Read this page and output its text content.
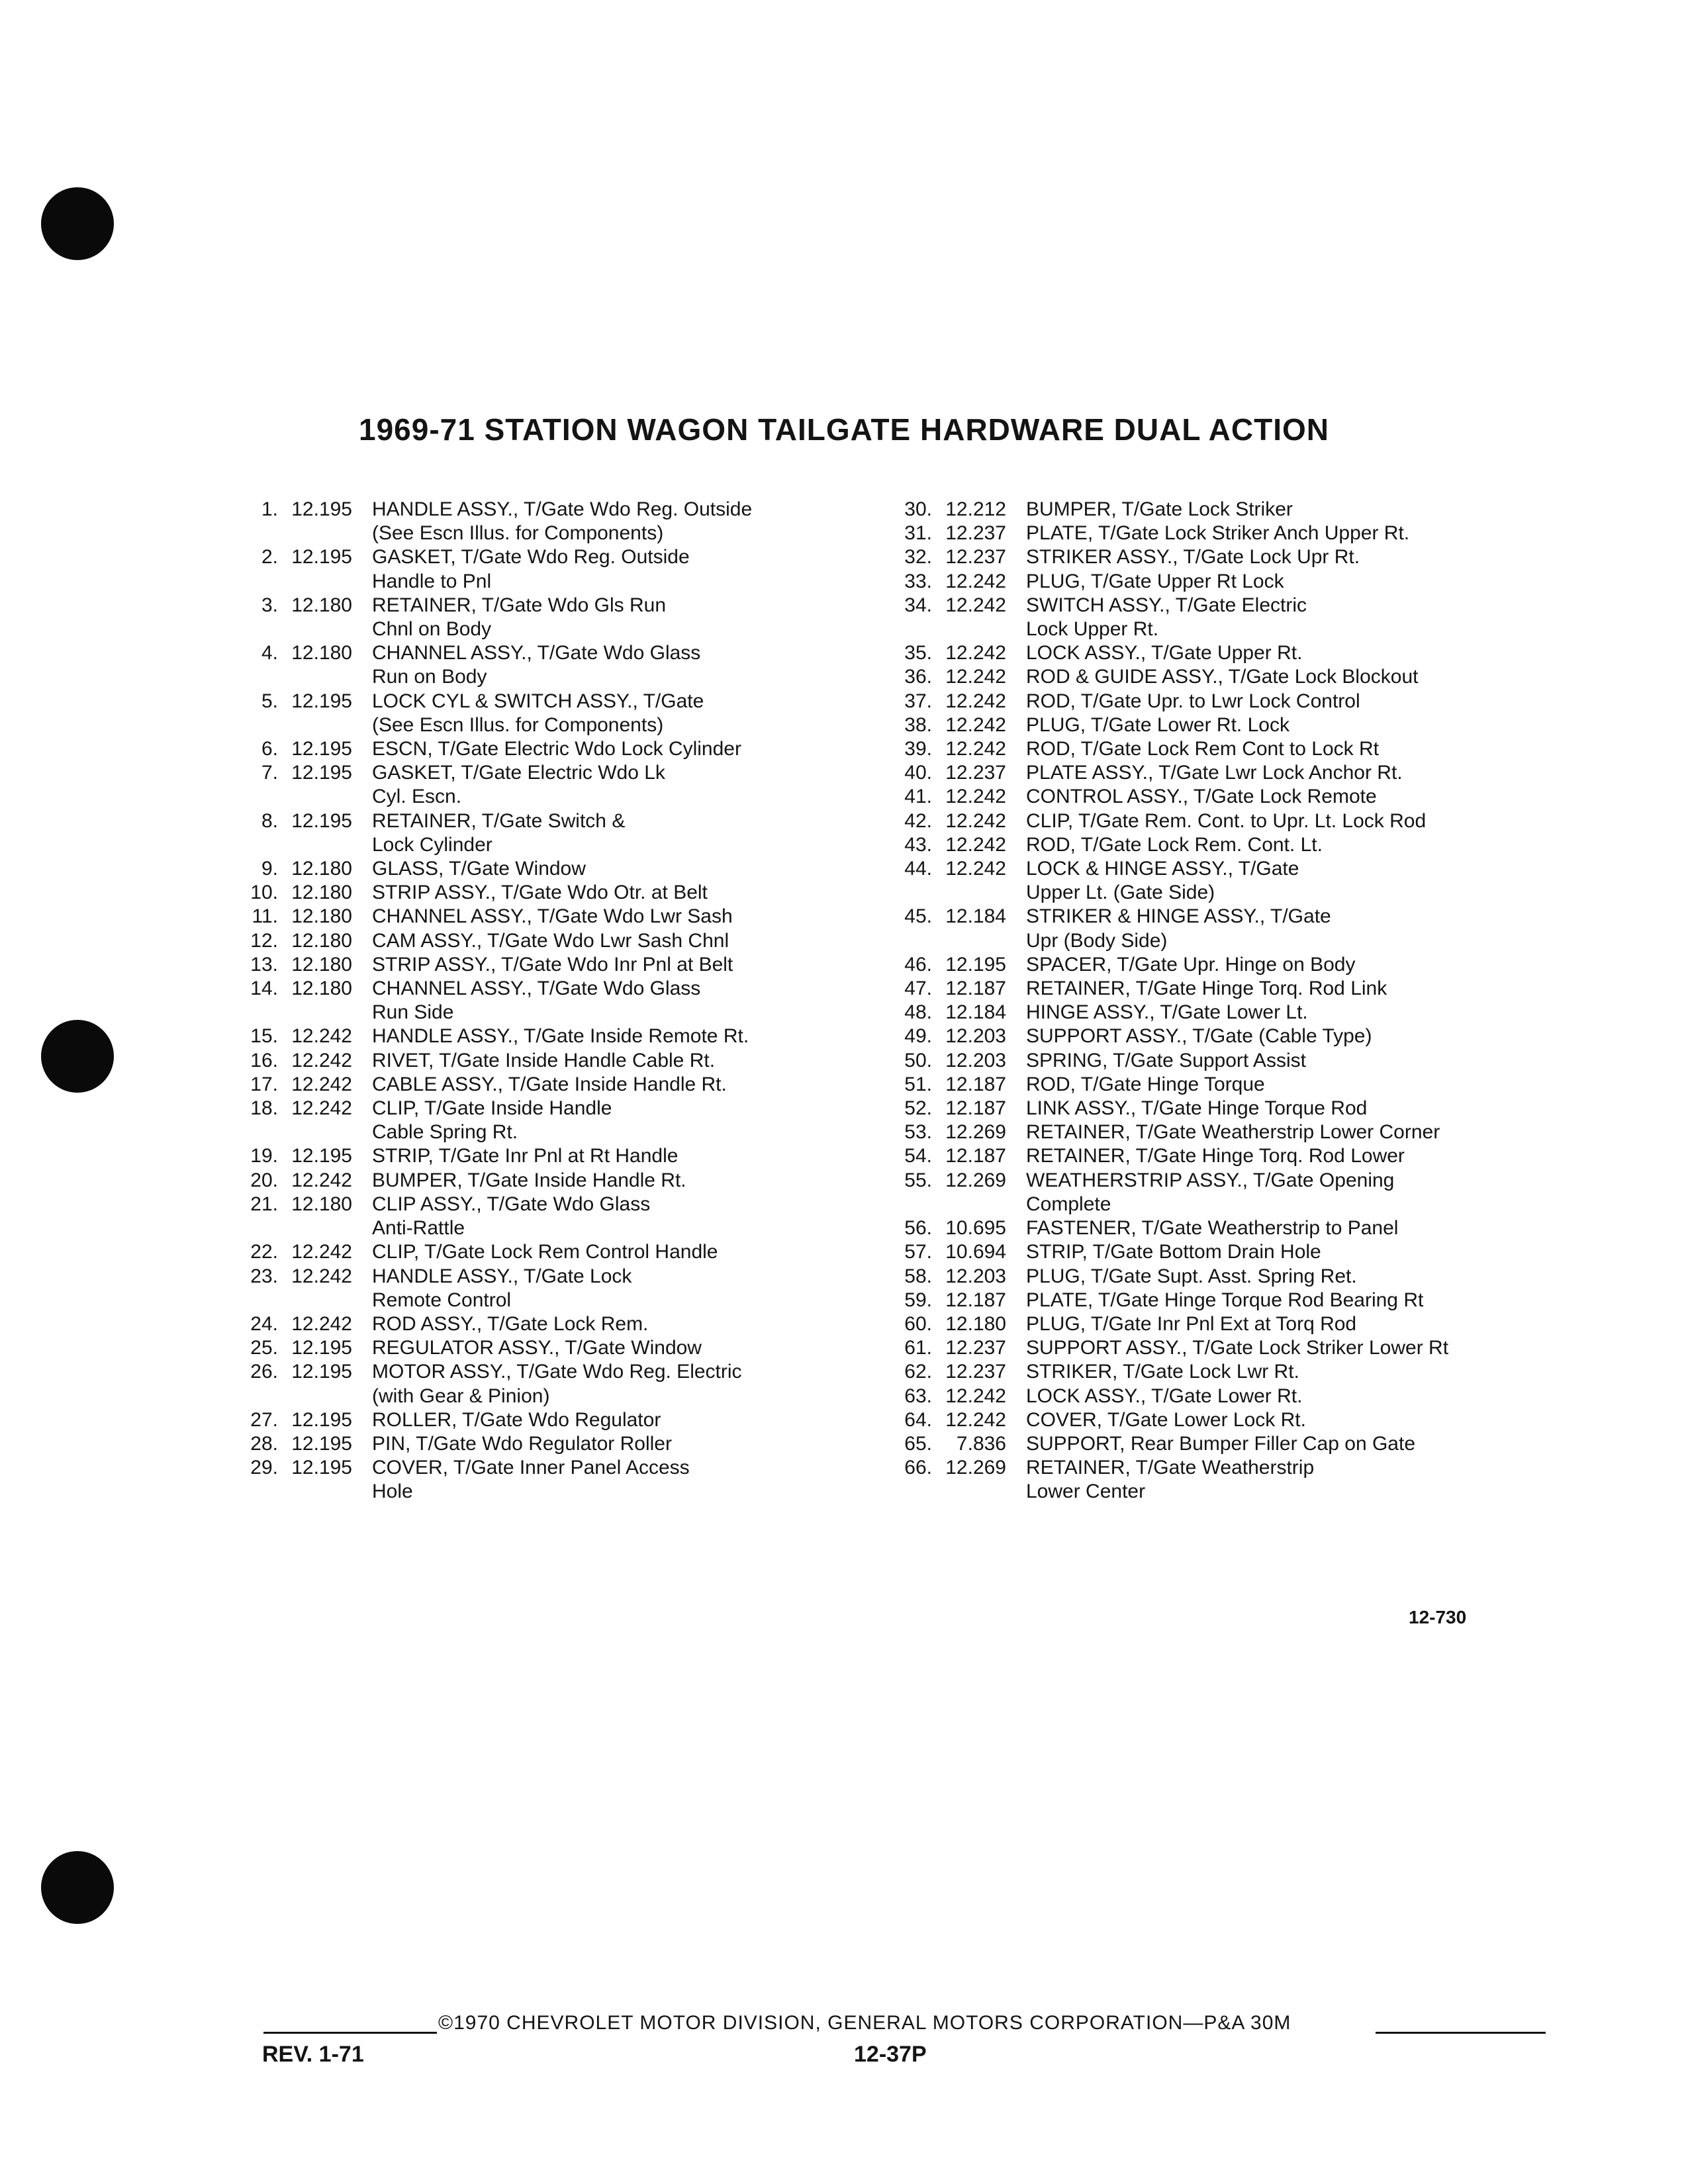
1969-71 STATION WAGON TAILGATE HARDWARE DUAL ACTION
1. 12.195 HANDLE ASSY., T/Gate Wdo Reg. Outside
(See Escn Illus. for Components)
2. 12.195 GASKET, T/Gate Wdo Reg. Outside
Handle to Pnl
3. 12.180 RETAINER, T/Gate Wdo Gls Run
Chnl on Body
4. 12.180 CHANNEL ASSY., T/Gate Wdo Glass
Run on Body
5. 12.195 LOCK CYL & SWITCH ASSY., T/Gate
(See Escn Illus. for Components)
6. 12.195 ESCN, T/Gate Electric Wdo Lock Cylinder
7. 12.195 GASKET, T/Gate Electric Wdo Lk
Cyl. Escn.
8. 12.195 RETAINER, T/Gate Switch &
Lock Cylinder
9. 12.180 GLASS, T/Gate Window
10. 12.180 STRIP ASSY., T/Gate Wdo Otr. at Belt
11. 12.180 CHANNEL ASSY., T/Gate Wdo Lwr Sash
12. 12.180 CAM ASSY., T/Gate Wdo Lwr Sash Chnl
13. 12.180 STRIP ASSY., T/Gate Wdo Inr Pnl at Belt
14. 12.180 CHANNEL ASSY., T/Gate Wdo Glass
Run Side
15. 12.242 HANDLE ASSY., T/Gate Inside Remote Rt.
16. 12.242 RIVET, T/Gate Inside Handle Cable Rt.
17. 12.242 CABLE ASSY., T/Gate Inside Handle Rt.
18. 12.242 CLIP, T/Gate Inside Handle
Cable Spring Rt.
19. 12.195 STRIP, T/Gate Inr Pnl at Rt Handle
20. 12.242 BUMPER, T/Gate Inside Handle Rt.
21. 12.180 CLIP ASSY., T/Gate Wdo Glass
Anti-Rattle
22. 12.242 CLIP, T/Gate Lock Rem Control Handle
23. 12.242 HANDLE ASSY., T/Gate Lock
Remote Control
24. 12.242 ROD ASSY., T/Gate Lock Rem.
25. 12.195 REGULATOR ASSY., T/Gate Window
26. 12.195 MOTOR ASSY., T/Gate Wdo Reg. Electric
(with Gear & Pinion)
27. 12.195 ROLLER, T/Gate Wdo Regulator
28. 12.195 PIN, T/Gate Wdo Regulator Roller
29. 12.195 COVER, T/Gate Inner Panel Access
Hole
30. 12.212 BUMPER, T/Gate Lock Striker
31. 12.237 PLATE, T/Gate Lock Striker Anch Upper Rt.
32. 12.237 STRIKER ASSY., T/Gate Lock Upr Rt.
33. 12.242 PLUG, T/Gate Upper Rt Lock
34. 12.242 SWITCH ASSY., T/Gate Electric
Lock Upper Rt.
35. 12.242 LOCK ASSY., T/Gate Upper Rt.
36. 12.242 ROD & GUIDE ASSY., T/Gate Lock Blockout
37. 12.242 ROD, T/Gate Upr. to Lwr Lock Control
38. 12.242 PLUG, T/Gate Lower Rt. Lock
39. 12.242 ROD, T/Gate Lock Rem Cont to Lock Rt
40. 12.237 PLATE ASSY., T/Gate Lwr Lock Anchor Rt.
41. 12.242 CONTROL ASSY., T/Gate Lock Remote
42. 12.242 CLIP, T/Gate Rem. Cont. to Upr. Lt. Lock Rod
43. 12.242 ROD, T/Gate Lock Rem. Cont. Lt.
44. 12.242 LOCK & HINGE ASSY., T/Gate
Upper Lt. (Gate Side)
45. 12.184 STRIKER & HINGE ASSY., T/Gate
Upr (Body Side)
46. 12.195 SPACER, T/Gate Upr. Hinge on Body
47. 12.187 RETAINER, T/Gate Hinge Torq. Rod Link
48. 12.184 HINGE ASSY., T/Gate Lower Lt.
49. 12.203 SUPPORT ASSY., T/Gate (Cable Type)
50. 12.203 SPRING, T/Gate Support Assist
51. 12.187 ROD, T/Gate Hinge Torque
52. 12.187 LINK ASSY., T/Gate Hinge Torque Rod
53. 12.269 RETAINER, T/Gate Weatherstrip Lower Corner
54. 12.187 RETAINER, T/Gate Hinge Torq. Rod Lower
55. 12.269 WEATHERSTRIP ASSY., T/Gate Opening
Complete
56. 10.695 FASTENER, T/Gate Weatherstrip to Panel
57. 10.694 STRIP, T/Gate Bottom Drain Hole
58. 12.203 PLUG, T/Gate Supt. Asst. Spring Ret.
59. 12.187 PLATE, T/Gate Hinge Torque Rod Bearing Rt
60. 12.180 PLUG, T/Gate Inr Pnl Ext at Torq Rod
61. 12.237 SUPPORT ASSY., T/Gate Lock Striker Lower Rt
62. 12.237 STRIKER, T/Gate Lock Lwr Rt.
63. 12.242 LOCK ASSY., T/Gate Lower Rt.
64. 12.242 COVER, T/Gate Lower Lock Rt.
65.	7.836 SUPPORT, Rear Bumper Filler Cap on Gate
66. 12.269 RETAINER, T/Gate Weatherstrip
Lower Center
12-730
©1970 CHEVROLET MOTOR DIVISION, GENERAL MOTORS CORPORATION—P&A 30M
REV. 1-71	12-37P
